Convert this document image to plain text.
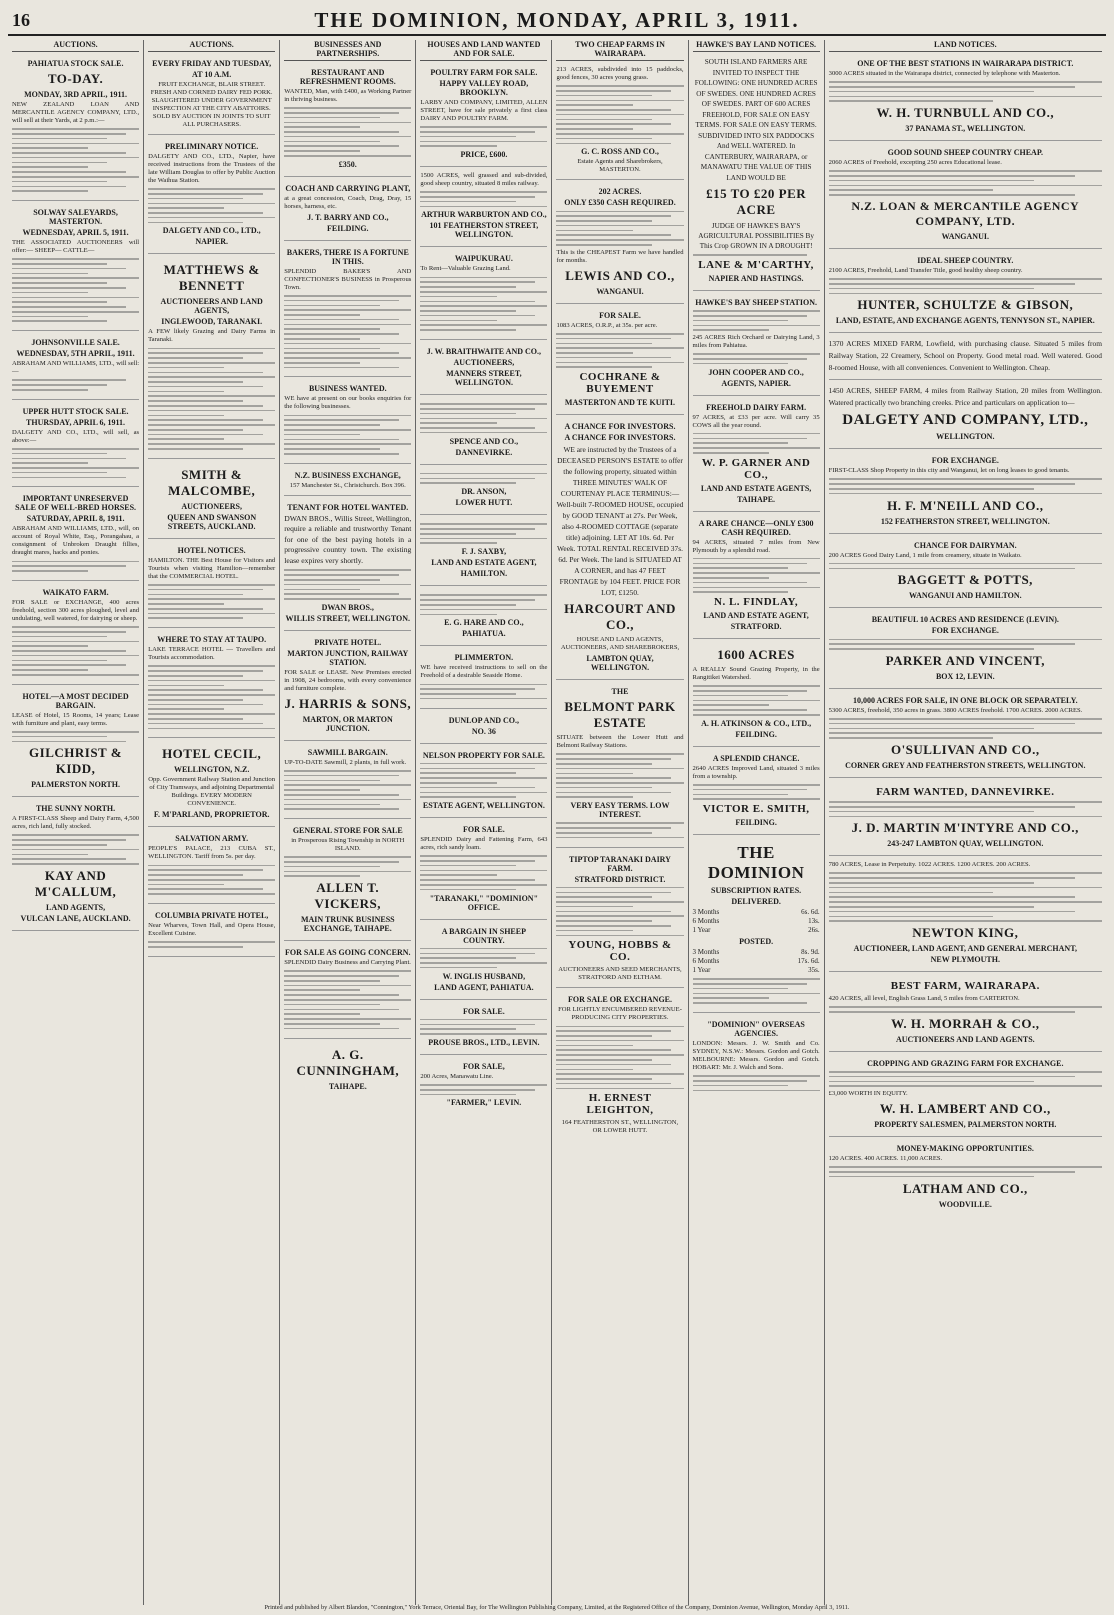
16	THE DOMINION, MONDAY, APRIL 3, 1911.
AUCTIONS.
PAHIATUA STOCK SALE.
TO-DAY.
MONDAY, 3RD APRIL, 1911.
NEW ZEALAND LOAN AND MERCANTILE AGENCY COMPANY, LTD., will sell at their Yards, at 2 p.m.:—
SOLWAY SALEYARDS, MASTERTON.
WEDNESDAY, APRIL 5, 1911.
THE ASSOCIATED AUCTIONEERS will offer:— SHEEP— CATTLE—
JOHNSONVILLE SALE.
WEDNESDAY, 5TH APRIL, 1911.
ABRAHAM AND WILLIAMS, LTD., will sell:—
UPPER HUTT STOCK SALE.
THURSDAY, APRIL 6, 1911.
DALGETY AND CO., LTD., will sell, as above:—
IMPORTANT UNRESERVED SALE OF WELL-BRED HORSES.
SATURDAY, APRIL 8, 1911.
ABRAHAM AND WILLIAMS, LTD., will, on account of Royal White, Esq., Porangahau, a consignment of Unbroken Draught fillies, draught mares, hacks and ponies.
WAIKATO FARM.
FOR SALE or EXCHANGE, 400 acres freehold, section 300 acres ploughed, level and undulating, well watered, for dairying or sheep.
HOTEL—A MOST DECIDED BARGAIN.
LEASE of Hotel, 15 Rooms, 14 years; Lease with furniture and plant, easy terms.
GILCHRIST & KIDD,
PALMERSTON NORTH.
THE SUNNY NORTH.
A FIRST-CLASS Sheep and Dairy Farm, 4,500 acres, rich land, fully stocked.
KAY AND M'CALLUM,
LAND AGENTS,
VULCAN LANE, AUCKLAND.
AUCTIONS.
EVERY FRIDAY AND TUESDAY,
AT 10 A.M.
FRUIT EXCHANGE, BLAIR STREET. FRESH AND CORNED DAIRY FED PORK. SLAUGHTERED UNDER GOVERNMENT INSPECTION AT THE CITY ABATTOIRS. SOLD BY AUCTION IN JOINTS TO SUIT ALL PURCHASERS.
PRELIMINARY NOTICE.
DALGETY AND CO., LTD., Napier, have received instructions from the Trustees of the late William Douglas to offer by Public Auction the Waihua Station.
DALGETY AND CO., LTD.,
NAPIER.
MATTHEWS & BENNETT
AUCTIONEERS AND LAND AGENTS,
INGLEWOOD, TARANAKI.
A FEW likely Grazing and Dairy Farms in Taranaki.
SMITH & MALCOMBE,
AUCTIONEERS,
QUEEN AND SWANSON STREETS, AUCKLAND.
HOTEL NOTICES.
HAMILTON. THE Best House for Visitors and Tourists when visiting Hamilton—remember that the COMMERCIAL HOTEL.
WHERE TO STAY AT TAUPO.
LAKE TERRACE HOTEL — Travellers and Tourists accommodation.
HOTEL CECIL,
WELLINGTON, N.Z.
Opp. Government Railway Station and Junction of City Tramways, and adjoining Departmental Buildings. EVERY MODERN CONVENIENCE.
F. M'PARLAND, PROPRIETOR.
SALVATION ARMY.
PEOPLE'S PALACE, 213 CUBA ST., WELLINGTON. Tariff from 5s. per day.
COLUMBIA PRIVATE HOTEL,
Near Wharves, Town Hall, and Opera House, Excellent Cuisine.
BUSINESSES AND PARTNERSHIPS.
RESTAURANT AND REFRESHMENT ROOMS.
WANTED, Man, with £400, as Working Partner in thriving business.
£350.
COACH AND CARRYING PLANT,
at a great concession, Coach, Drag, Dray, 15 horses, harness, etc.
J. T. BARRY AND CO.,
FEILDING.
BAKERS, THERE IS A FORTUNE IN THIS.
SPLENDID BAKER'S AND CONFECTIONER'S BUSINESS in Prosperous Town.
BUSINESS WANTED.
WE have at present on our books enquiries for the following businesses.
N.Z. BUSINESS EXCHANGE,
157 Manchester St., Christchurch. Box 396.
TENANT FOR HOTEL WANTED.
DWAN BROS., Willis Street, Wellington, require a reliable and trustworthy Tenant for one of the best paying hotels in a progressive country town. The existing lease expires very shortly.
DWAN BROS.,
WILLIS STREET, WELLINGTON.
PRIVATE HOTEL.
MARTON JUNCTION, RAILWAY STATION.
FOR SALE or LEASE. New Premises erected in 1908, 24 bedrooms, with every convenience and furniture complete.
J. HARRIS & SONS,
MARTON, OR MARTON JUNCTION.
SAWMILL BARGAIN.
UP-TO-DATE Sawmill, 2 plants, in full work.
GENERAL STORE FOR SALE
in Prosperous Rising Township in NORTH ISLAND.
ALLEN T. VICKERS,
MAIN TRUNK BUSINESS EXCHANGE, TAIHAPE.
FOR SALE AS GOING CONCERN.
SPLENDID Dairy Business and Carrying Plant.
A. G. CUNNINGHAM,
TAIHAPE.
HOUSES AND LAND WANTED AND FOR SALE.
POULTRY FARM FOR SALE.
HAPPY VALLEY ROAD, BROOKLYN.
LARBY AND COMPANY, LIMITED, ALLEN STREET, have for sale privately a first class DAIRY AND POULTRY FARM.
PRICE, £600.
1500 ACRES, well grassed and sub-divided, good sheep country, situated 8 miles railway.
ARTHUR WARBURTON AND CO.,
101 FEATHERSTON STREET, WELLINGTON.
WAIPUKURAU.
To Rent—Valuable Grazing Land.
J. W. BRAITHWAITE AND CO.,
AUCTIONEERS,
MANNERS STREET, WELLINGTON.
SPENCE AND CO.,
DANNEVIRKE.
DR. ANSON,
LOWER HUTT.
F. J. SAXBY,
LAND AND ESTATE AGENT,
HAMILTON.
E. G. HARE AND CO.,
PAHIATUA.
PLIMMERTON.
WE have received instructions to sell on the Freehold of a desirable Seaside Home.
DUNLOP AND CO.,
NO. 36
NELSON PROPERTY FOR SALE.
ESTATE AGENT, WELLINGTON.
FOR SALE.
SPLENDID Dairy and Fattening Farm, 643 acres, rich sandy loam.
"TARANAKI," "DOMINION" OFFICE.
A BARGAIN IN SHEEP COUNTRY.
W. INGLIS HUSBAND,
LAND AGENT, PAHIATUA.
FOR SALE.
PROUSE BROS., LTD., LEVIN.
FOR SALE,
200 Acres, Manawatu Line.
"FARMER," LEVIN.
TWO CHEAP FARMS IN WAIRARAPA.
213 ACRES, subdivided into 15 paddocks, good fences, 30 acres young grass.
G. C. ROSS AND CO.,
Estate Agents and Sharebrokers, MASTERTON.
202 ACRES.
ONLY £350 CASH REQUIRED.
This is the CHEAPEST Farm we have handled for months.
LEWIS AND CO.,
WANGANUI.
FOR SALE.
1083 ACRES, O.R.P., at 35s. per acre.
COCHRANE & BUYEMENT
MASTERTON AND TE KUITI.
A CHANCE FOR INVESTORS.
A CHANCE FOR INVESTORS.
WE are instructed by the Trustees of a DECEASED PERSON'S ESTATE to offer the following property, situated within THREE MINUTES' WALK OF COURTENAY PLACE TERMINUS:— Well-built 7-ROOMED HOUSE, occupied by GOOD TENANT at 27s. Per Week, also 4-ROOMED COTTAGE (separate title) adjoining. LET AT 10s. 6d. Per Week. TOTAL RENTAL RECEIVED 37s. 6d. Per Week. The land is SITUATED AT A CORNER, and has 47 FEET FRONTAGE by 104 FEET. PRICE FOR LOT, £1250.
HARCOURT AND CO.,
HOUSE AND LAND AGENTS, AUCTIONEERS, AND SHAREBROKERS,
LAMBTON QUAY, WELLINGTON.
THE
BELMONT PARK ESTATE
SITUATE between the Lower Hutt and Belmont Railway Stations.
VERY EASY TERMS. LOW INTEREST.
TIPTOP TARANAKI DAIRY FARM.
STRATFORD DISTRICT.
YOUNG, HOBBS & CO.
AUCTIONEERS AND SEED MERCHANTS, STRATFORD AND ELTHAM.
FOR SALE OR EXCHANGE.
FOR LIGHTLY ENCUMBERED REVENUE-PRODUCING CITY PROPERTIES.
H. ERNEST LEIGHTON,
164 FEATHERSTON ST., WELLINGTON, OR LOWER HUTT.
HAWKE'S BAY LAND NOTICES.
SOUTH ISLAND FARMERS ARE INVITED TO INSPECT THE FOLLOWING: ONE HUNDRED ACRES OF SWEDES. ONE HUNDRED ACRES OF SWEDES. PART OF 600 ACRES FREEHOLD, FOR SALE ON EASY TERMS. FOR SALE ON EASY TERMS. SUBDIVIDED INTO SIX PADDOCKS And WELL WATERED. In CANTERBURY, WAIRARAPA, or MANAWATU THE VALUE OF THIS LAND WOULD BE
£15 TO £20 PER ACRE
JUDGE OF HAWKE'S BAY'S AGRICULTURAL POSSIBILITIES By This Crop GROWN IN A DROUGHT!
LANE & M'CARTHY,
NAPIER AND HASTINGS.
HAWKE'S BAY SHEEP STATION.
245 ACRES Rich Orchard or Dairying Land, 3 miles from Pahiatua.
JOHN COOPER AND CO.,
AGENTS, NAPIER.
FREEHOLD DAIRY FARM.
97 ACRES, at £33 per acre. Will carry 35 COWS all the year round.
W. P. GARNER AND CO.,
LAND AND ESTATE AGENTS,
TAIHAPE.
A RARE CHANCE—ONLY £300 CASH REQUIRED.
94 ACRES, situated 7 miles from New Plymouth by a splendid road.
N. L. FINDLAY,
LAND AND ESTATE AGENT,
STRATFORD.
1600 ACRES
A REALLY Sound Grazing Property, in the Rangitikei Watershed.
A. H. ATKINSON & CO., LTD.,
FEILDING.
A SPLENDID CHANCE.
2640 ACRES Improved Land, situated 3 miles from a township.
VICTOR E. SMITH,
FEILDING.
THE DOMINION
SUBSCRIPTION RATES.
DELIVERED.
3 Months	6s. 6d.
6 Months	13s.
1 Year	26s.
POSTED.
3 Months	8s. 9d.
6 Months	17s. 6d.
1 Year	35s.
"DOMINION" OVERSEAS AGENCIES.
LONDON: Messrs. J. W. Smith and Co. SYDNEY, N.S.W.: Messrs. Gordon and Gotch. MELBOURNE: Messrs. Gordon and Gotch. HOBART: Mr. J. Walch and Sons.
LAND NOTICES.
ONE OF THE BEST STATIONS IN WAIRARAPA DISTRICT.
3000 ACRES situated in the Wairarapa district, connected by telephone with Masterton.
W. H. TURNBULL AND CO.,
37 PANAMA ST., WELLINGTON.
GOOD SOUND SHEEP COUNTRY CHEAP.
2060 ACRES of Freehold, excepting 250 acres Educational lease.
N.Z. LOAN & MERCANTILE AGENCY COMPANY, LTD.
WANGANUI.
IDEAL SHEEP COUNTRY.
2100 ACRES, Freehold, Land Transfer Title, good healthy sheep country.
HUNTER, SCHULTZE & GIBSON,
LAND, ESTATE, AND EXCHANGE AGENTS, TENNYSON ST., NAPIER.
1370 ACRES MIXED FARM, Lowfield, with purchasing clause. Situated 5 miles from Railway Station, 22 Creamery, School on Property. Good metal road. Well watered. Good 8-roomed House, with all conveniences. Convenient to Wellington. Cheap.
1450 ACRES, SHEEP FARM, 4 miles from Railway Station, 20 miles from Wellington. Watered practically two branching creeks. Price and particulars on application to—
DALGETY AND COMPANY, LTD.,
WELLINGTON.
FOR EXCHANGE.
FIRST-CLASS Shop Property in this city and Wanganui, let on long leases to good tenants.
H. F. M'NEILL AND CO.,
152 FEATHERSTON STREET, WELLINGTON.
CHANCE FOR DAIRYMAN.
200 ACRES Good Dairy Land, 1 mile from creamery, situate in Waikato.
BAGGETT & POTTS,
WANGANUI AND HAMILTON.
BEAUTIFUL 10 ACRES AND RESIDENCE (LEVIN).
FOR EXCHANGE.
PARKER AND VINCENT,
BOX 12, LEVIN.
10,000 ACRES FOR SALE, IN ONE BLOCK OR SEPARATELY.
5300 ACRES, freehold, 350 acres in grass. 3800 ACRES freehold. 1700 ACRES. 2000 ACRES.
O'SULLIVAN AND CO.,
CORNER GREY AND FEATHERSTON STREETS, WELLINGTON.
FARM WANTED, DANNEVIRKE.
J. D. MARTIN M'INTYRE AND CO.,
243-247 LAMBTON QUAY, WELLINGTON.
780 ACRES, Lease in Perpetuity. 1022 ACRES. 1200 ACRES. 200 ACRES.
NEWTON KING,
AUCTIONEER, LAND AGENT, AND GENERAL MERCHANT,
NEW PLYMOUTH.
BEST FARM, WAIRARAPA.
420 ACRES, all level, English Grass Land, 5 miles from CARTERTON.
W. H. MORRAH & CO.,
AUCTIONEERS AND LAND AGENTS.
CROPPING AND GRAZING FARM FOR EXCHANGE.
£3,000 WORTH IN EQUITY.
W. H. LAMBERT AND CO.,
PROPERTY SALESMEN, PALMERSTON NORTH.
MONEY-MAKING OPPORTUNITIES.
120 ACRES. 400 ACRES. 11,000 ACRES.
LATHAM AND CO.,
WOODVILLE.
Printed and published by Albert Blandon, "Connington," York Terrace, Oriental Bay, for The Wellington Publishing Company, Limited, at the Registered Office of the Company, Dominion Avenue, Wellington, Monday April 3, 1911.
